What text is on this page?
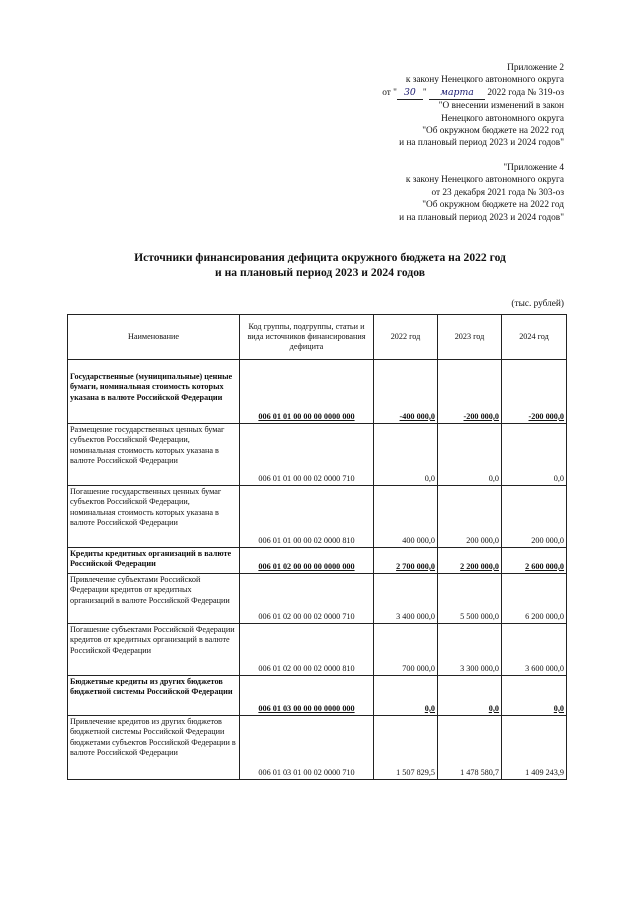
Приложение 2
к закону Ненецкого автономного округа
от " 30 " марта 2022 года № 319-оз
"О внесении изменений в закон
Ненецкого автономного округа
"Об окружном бюджете на 2022 год
и на плановый период 2023 и 2024 годов"
"Приложение 4
к закону Ненецкого автономного округа
от 23 декабря 2021 года № 303-оз
"Об окружном бюджете на 2022 год
и на плановый период 2023 и 2024 годов"
Источники финансирования дефицита окружного бюджета на 2022 год
и на плановый период 2023 и 2024 годов
(тыс. рублей)
Наименование	Код группы, подгруппы, статьи и вида источников финансирования дефицита	2022 год	2023 год	2024 год
Государственные (муниципальные) ценные бумаги, номинальная стоимость которых указана в валюте Российской Федерации	006 01 01 00 00 00 0000 000	-400 000,0	-200 000,0	-200 000,0
Размещение государственных ценных бумаг субъектов Российской Федерации, номинальная стоимость которых указана в валюте Российской Федерации	006 01 01 00 00 02 0000 710	0,0	0,0	0,0
Погашение государственных ценных бумаг субъектов Российской Федерации, номинальная стоимость которых указана в валюте Российской Федерации	006 01 01 00 00 02 0000 810	400 000,0	200 000,0	200 000,0
Кредиты кредитных организаций в валюте Российской Федерации	006 01 02 00 00 00 0000 000	2 700 000,0	2 200 000,0	2 600 000,0
Привлечение субъектами Российской Федерации кредитов от кредитных организаций в валюте Российской Федерации	006 01 02 00 00 02 0000 710	3 400 000,0	5 500 000,0	6 200 000,0
Погашение субъектами Российской Федерации кредитов от кредитных организаций в валюте Российской Федерации	006 01 02 00 00 02 0000 810	700 000,0	3 300 000,0	3 600 000,0
Бюджетные кредиты из других бюджетов бюджетной системы Российской Федерации	006 01 03 00 00 00 0000 000	0,0	0,0	0,0
Привлечение кредитов из других бюджетов бюджетной системы Российской Федерации бюджетами субъектов Российской Федерации в валюте Российской Федерации	006 01 03 01 00 02 0000 710	1 507 829,5	1 478 580,7	1 409 243,9
